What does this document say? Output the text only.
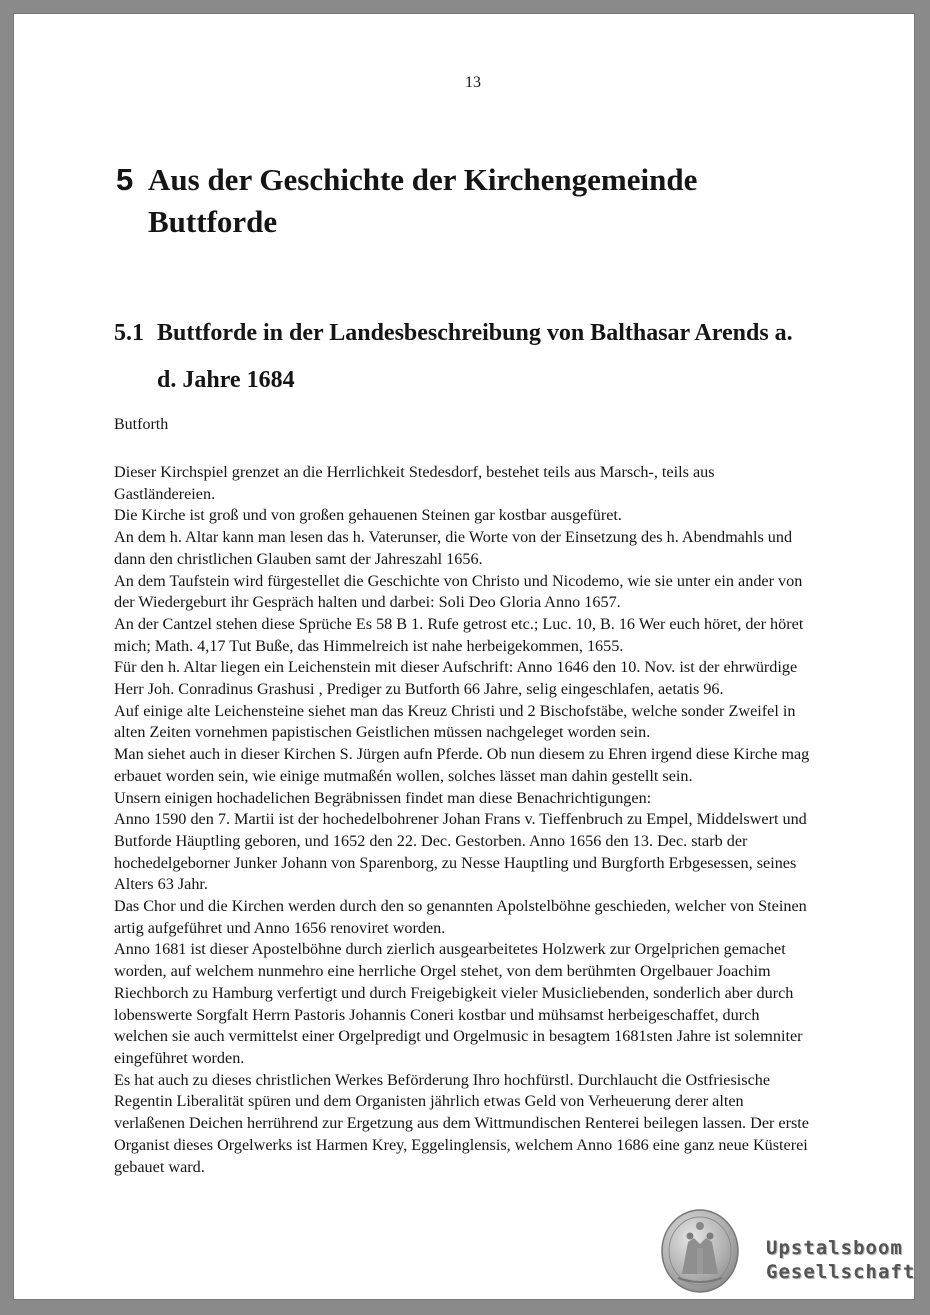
13
5 Aus der Geschichte der Kirchengemeinde Buttforde
5.1 Buttforde in der Landesbeschreibung von Balthasar Arends a. d. Jahre 1684
Butforth

Dieser Kirchspiel grenzet an die Herrlichkeit Stedesdorf, bestehet teils aus Marsch-, teils aus Gastländereien.

Die Kirche ist groß und von großen gehauenen Steinen gar kostbar ausgefüret.

An dem h. Altar kann man lesen das h. Vaterunser, die Worte von der Einsetzung des h. Abendmahls und dann den christlichen Glauben samt der Jahreszahl 1656.

An dem Taufstein wird fürgestellet die Geschichte von Christo und Nicodemo, wie sie unter ein ander von der Wiedergeburt ihr Gespräch halten und darbei: Soli Deo Gloria Anno 1657.

An der Cantzel stehen diese Sprüche Es 58 B 1. Rufe getrost etc.; Luc. 10, B. 16 Wer euch höret, der höret mich; Math. 4,17 Tut Buße, das Himmelreich ist nahe herbeigekommen, 1655.

Für den h. Altar liegen ein Leichenstein mit dieser Aufschrift: Anno 1646 den 10. Nov. ist der ehrwürdige Herr Joh. Conradinus Grashusi , Prediger zu Butforth 66 Jahre, selig eingeschlafen, aetatis 96.

Auf einige alte Leichensteine siehet man das Kreuz Christi und 2 Bischofstäbe, welche sonder Zweifel in alten Zeiten vornehmen papistischen Geistlichen müssen nachgeleget worden sein.

Man siehet auch in dieser Kirchen S. Jürgen aufn Pferde. Ob nun diesem zu Ehren irgend diese Kirche mag erbauet worden sein, wie einige mutmaßén wollen, solches lässet man dahin gestellt sein.

Unsern einigen hochadelichen Begräbnissen findet man diese Benachrichtigungen:

Anno 1590 den 7. Martii ist der hochedelbohrener Johan Frans v. Tieffenbruch zu Empel, Middelswert und Butforde Häuptling geboren, und 1652 den 22. Dec. Gestorben. Anno 1656 den 13. Dec. starb der hochedelgeborner Junker Johann von Sparenborg, zu Nesse Hauptling und Burgforth Erbgesessen, seines Alters 63 Jahr.

Das Chor und die Kirchen werden durch den so genannten Apolstelböhne geschieden, welcher von Steinen artig aufgeführet und Anno 1656 renoviret worden.

Anno 1681 ist dieser Apostelböhne durch zierlich ausgearbeitetes Holzwerk zur Orgelprichen gemachet worden, auf welchem nunmehro eine herrliche Orgel stehet, von dem berühmten Orgelbauer Joachim Riechborch zu Hamburg verfertigt und durch Freigebigkeit vieler Musicliebenden, sonderlich aber durch lobenswerte Sorgfalt Herrn Pastoris Johannis Coneri kostbar und mühsamst herbeigeschaffet, durch welchen sie auch vermittelst einer Orgelpredigt und Orgelmusic in besagtem 1681sten Jahre ist solemniter eingeführet worden.

Es hat auch zu dieses christlichen Werkes Beförderung Ihro hochfürstl. Durchlaucht die Ostfriesische Regentin Liberalität spüren und dem Organisten jährlich etwas Geld von Verheuerung derer alten verlaßenen Deichen herrührend zur Ergetzung aus dem Wittmundischen Renterei beilegen lassen. Der erste Organist dieses Orgelwerks ist Harmen Krey, Eggelinglensis, welchem Anno 1686 eine ganz neue Küsterei gebauet ward.

Upstalsboom
Gesellschaft
